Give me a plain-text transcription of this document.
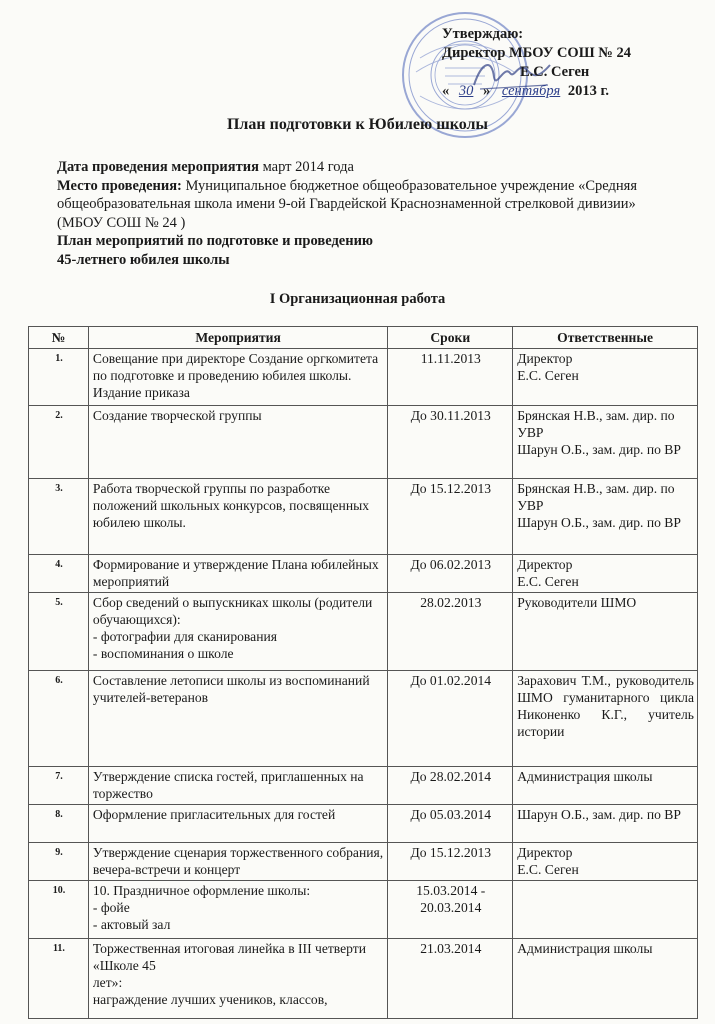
Утверждаю:
Директор МБОУ СОШ № 24
Е.С. Сеген
« 30 » сентября 2013 г.
План подготовки к Юбилею школы
Дата проведения мероприятия март 2014 года
Место проведения: Муниципальное бюджетное общеобразовательное учреждение «Средняя общеобразовательная школа имени 9-ой Гвардейской Краснознаменной стрелковой дивизии» (МБОУ СОШ № 24 )
План мероприятий по подготовке и проведению
45-летнего юбилея школы
I Организационная работа
№	Мероприятия	Сроки	Ответственные
1.	Совещание при директоре Создание оргкомитета по подготовке и проведению юбилея школы. Издание приказа	11.11.2013	Директор
Е.С. Сеген

2.	Создание творческой группы	До 30.11.2013	Брянская Н.В., зам. дир. по УВР
Шарун О.Б., зам. дир. по ВР

3.	Работа творческой группы по разработке положений школьных конкурсов, посвященных юбилею школы.	До 15.12.2013	Брянская Н.В., зам. дир. по УВР
Шарун О.Б., зам. дир. по ВР

4.	Формирование и утверждение Плана юбилейных мероприятий	До 06.02.2013	Директор
Е.С. Сеген

5.	Сбор сведений о выпускниках школы (родители обучающихся):
- фотографии для сканирования
- воспоминания о школе	28.02.2013	Руководители ШМО
6.	Составление летописи школы из воспоминаний учителей-ветеранов	До 01.02.2014	Зарахович Т.М., руководитель ШМО гуманитарного цикла Никоненко К.Г., учитель истории
7.	Утверждение списка гостей, приглашенных на торжество	До 28.02.2014	Администрация школы
8.	Оформление пригласительных для гостей	До 05.03.2014	Шарун О.Б., зам. дир. по ВР
9.	Утверждение сценария торжественного собрания, вечера-встречи и концерт	До 15.12.2013	Директор
Е.С. Сеген

10.	10. Праздничное оформление школы:
- фойе
- актовый зал	15.03.2014 -
20.03.2014	

11.	Торжественная итоговая линейка в III четверти «Школе 45
лет»:
награждение лучших учеников, классов,	21.03.2014	Администрация школы
